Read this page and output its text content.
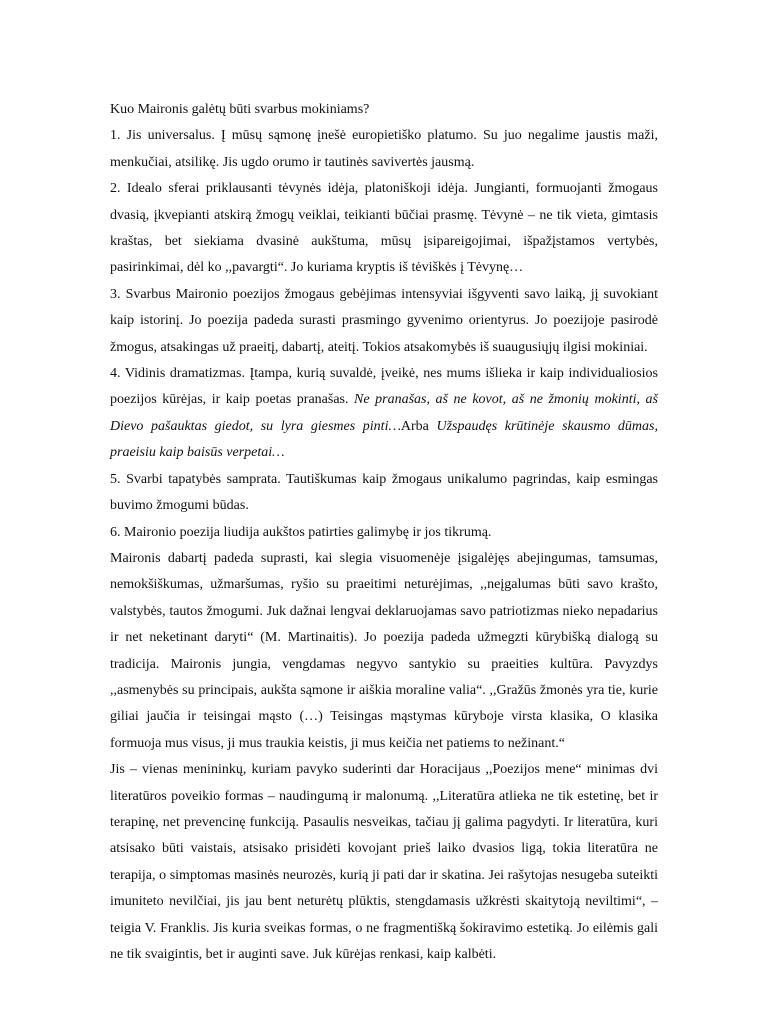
Kuo Maironis galėtų būti svarbus mokiniams?

1. Jis universalus. Į mūsų sąmonę įnešė europietiško platumo. Su juo negalime jaustis maži, menkučiai, atsilikę. Jis ugdo orumo ir tautinės savivertės jausmą.

2. Idealo sferai priklausanti tėvynės idėja, platoniškoji idėja. Jungianti, formuojanti žmogaus dvasią, įkvepianti atskirą žmogų veiklai, teikianti būčiai prasmę. Tėvynė – ne tik vieta, gimtasis kraštas, bet siekiama dvasinė aukštuma, mūsų įsipareigojimai, išpažįstamos vertybės, pasirinkimai, dėl ko ,,pavargti“. Jo kuriama kryptis iš tėviškės į Tėvynę…

3. Svarbus Maironio poezijos žmogaus gebėjimas intensyviai išgyventi savo laiką, jį suvokiant kaip istorinį. Jo poezija padeda surasti prasmingo gyvenimo orientyrus. Jo poezijoje pasirodė žmogus, atsakingas už praeitį, dabartį, ateitį. Tokios atsakomybės iš suaugusiųjų ilgisi mokiniai.

4. Vidinis dramatizmas. Įtampa, kurią suvaldė, įveikė, nes mums išlieka ir kaip individualiosios poezijos kūrėjas, ir kaip poetas pranašas. Ne pranašas, aš ne kovot, aš ne žmonių mokinti, aš Dievo pašauktas giedot, su lyra giesmes pinti…Arba Užspaudęs krūtinėje skausmo dūmas, praeisiu kaip baisūs verpetai…

5. Svarbi tapatybės samprata. Tautiškumas kaip žmogaus unikalumo pagrindas, kaip esmingas buvimo žmogumi būdas.

6. Maironio poezija liudija aukštos patirties galimybę ir jos tikrumą.

Maironis dabartį padeda suprasti, kai slegia visuomenėje įsigalėjęs abejingumas, tamsumas, nemokšiškumas, užmaršumas, ryšio su praeitimi neturėjimas, ,,neįgalumas būti savo krašto, valstybės, tautos žmogumi. Juk dažnai lengvai deklaruojamas savo patriotizmas nieko nepadarius ir net neketinant daryti“ (M. Martinaitis). Jo poezija padeda užmegzti kūrybišką dialogą su tradicija. Maironis jungia, vengdamas negyvo santykio su praeities kultūra. Pavyzdys ,,asmenybės su principais, aukšta sąmone ir aiškia moraline valia“. ,,Gražūs žmonės yra tie, kurie giliai jaučia ir teisingai mąsto (…) Teisingas mąstymas kūryboje virsta klasika, O klasika formuoja mus visus, ji mus traukia keistis, ji mus keičia net patiems to nežinant.“

Jis – vienas menininkų, kuriam pavyko suderinti dar Horacijaus ,,Poezijos mene“ minimas dvi literatūros poveikio formas – naudingumą ir malonumą. ,,Literatūra atlieka ne tik estetinę, bet ir terapinę, net prevencinę funkciją. Pasaulis nesveikas, tačiau jį galima pagydyti. Ir literatūra, kuri atsisako būti vaistais, atsisako prisidėti kovojant prieš laiko dvasios ligą, tokia literatūra ne terapija, o simptomas masinės neurozės, kurią ji pati dar ir skatina. Jei rašytojas nesugeba suteikti imuniteto nevilčiai, jis jau bent neturėtų plūktis, stengdamasis užkrėsti skaitytoją neviltimi“, – teigia V. Franklis. Jis kuria sveikas formas, o ne fragmentišką šokiravimo estetiką. Jo eilėmis gali ne tik svaigintis, bet ir auginti save. Juk kūrėjas renkasi, kaip kalbėti.
